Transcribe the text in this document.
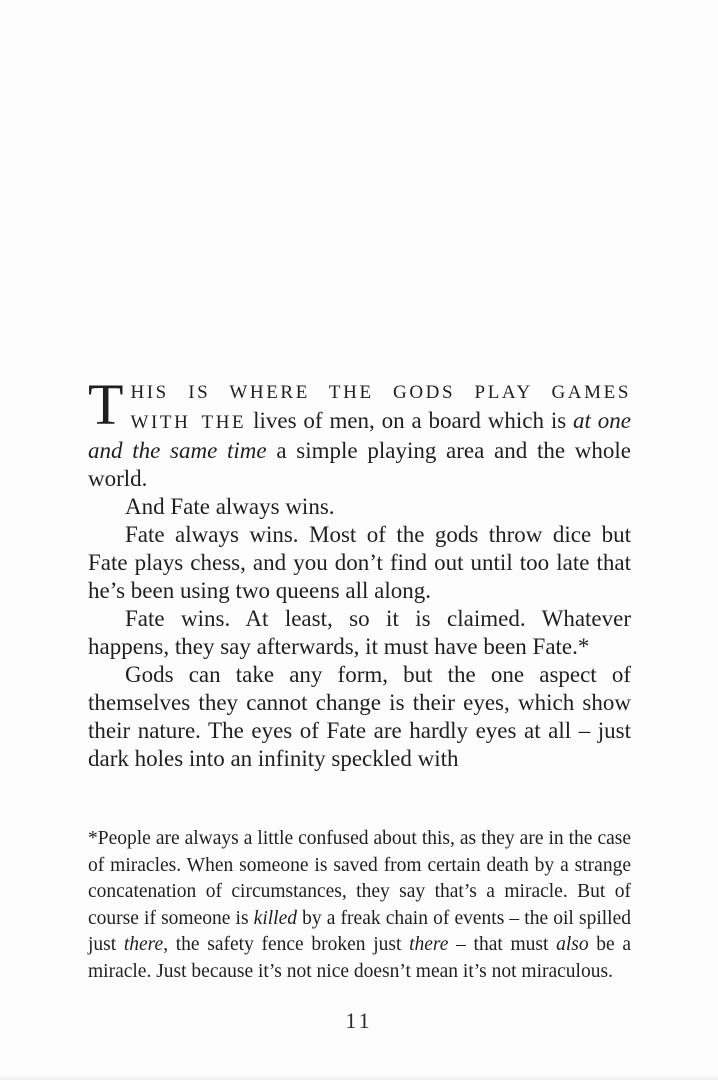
THIS IS WHERE THE GODS PLAY GAMES WITH THE lives of men, on a board which is at one and the same time a simple playing area and the whole world.

And Fate always wins.

Fate always wins. Most of the gods throw dice but Fate plays chess, and you don’t find out until too late that he’s been using two queens all along.

Fate wins. At least, so it is claimed. Whatever happens, they say afterwards, it must have been Fate.*

Gods can take any form, but the one aspect of themselves they cannot change is their eyes, which show their nature. The eyes of Fate are hardly eyes at all – just dark holes into an infinity speckled with

*People are always a little confused about this, as they are in the case of miracles. When someone is saved from certain death by a strange concatenation of circumstances, they say that’s a miracle. But of course if someone is killed by a freak chain of events – the oil spilled just there, the safety fence broken just there – that must also be a miracle. Just because it’s not nice doesn’t mean it’s not miraculous.

11
